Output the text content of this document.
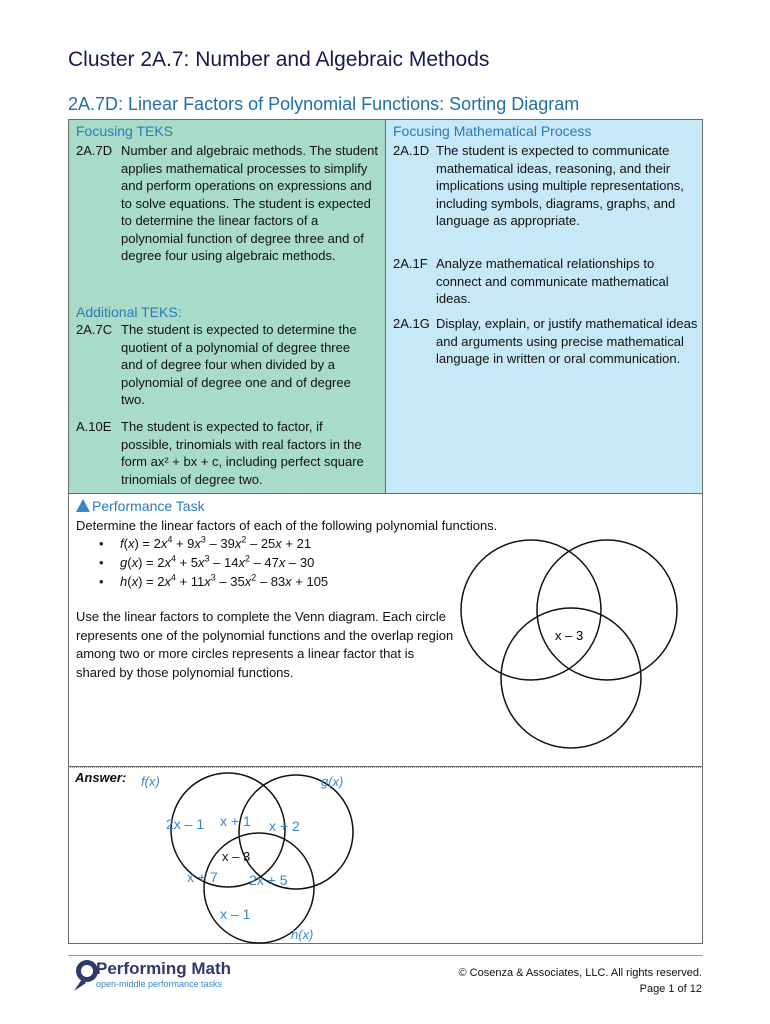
Cluster 2A.7: Number and Algebraic Methods
2A.7D: Linear Factors of Polynomial Functions: Sorting Diagram
Focusing TEKS
2A.7D Number and algebraic methods. The student applies mathematical processes to simplify and perform operations on expressions and to solve equations. The student is expected to determine the linear factors of a polynomial function of degree three and of degree four using algebraic methods.
Additional TEKS:
2A.7C The student is expected to determine the quotient of a polynomial of degree three and of degree four when divided by a polynomial of degree one and of degree two.
A.10E The student is expected to factor, if possible, trinomials with real factors in the form ax² + bx + c, including perfect square trinomials of degree two.
Focusing Mathematical Process
2A.1D The student is expected to communicate mathematical ideas, reasoning, and their implications using multiple representations, including symbols, diagrams, graphs, and language as appropriate.
2A.1F Analyze mathematical relationships to connect and communicate mathematical ideas.
2A.1G Display, explain, or justify mathematical ideas and arguments using precise mathematical language in written or oral communication.
Performance Task
Determine the linear factors of each of the following polynomial functions.
• $f(x) = 2x^4 + 9x^3 - 39x^2 - 25x + 21$
• $g(x) = 2x^4 + 5x^3 - 14x^2 - 47x - 30$
• $h(x) = 2x^4 + 11x^3 - 35x^2 - 83x + 105$
Use the linear factors to complete the Venn diagram. Each circle represents one of the polynomial functions and the overlap region among two or more circles represents a linear factor that is shared by those polynomial functions.
x – 3
Answer: f(x)	g(x)
h(x)
2x – 1	x + 2
x – 1
x + 1
x + 7 2x + 5
x – 3
Performing Math
open-middle performance tasks
© Cosenza & Associates, LLC. All rights reserved.
Page 1 of 12
